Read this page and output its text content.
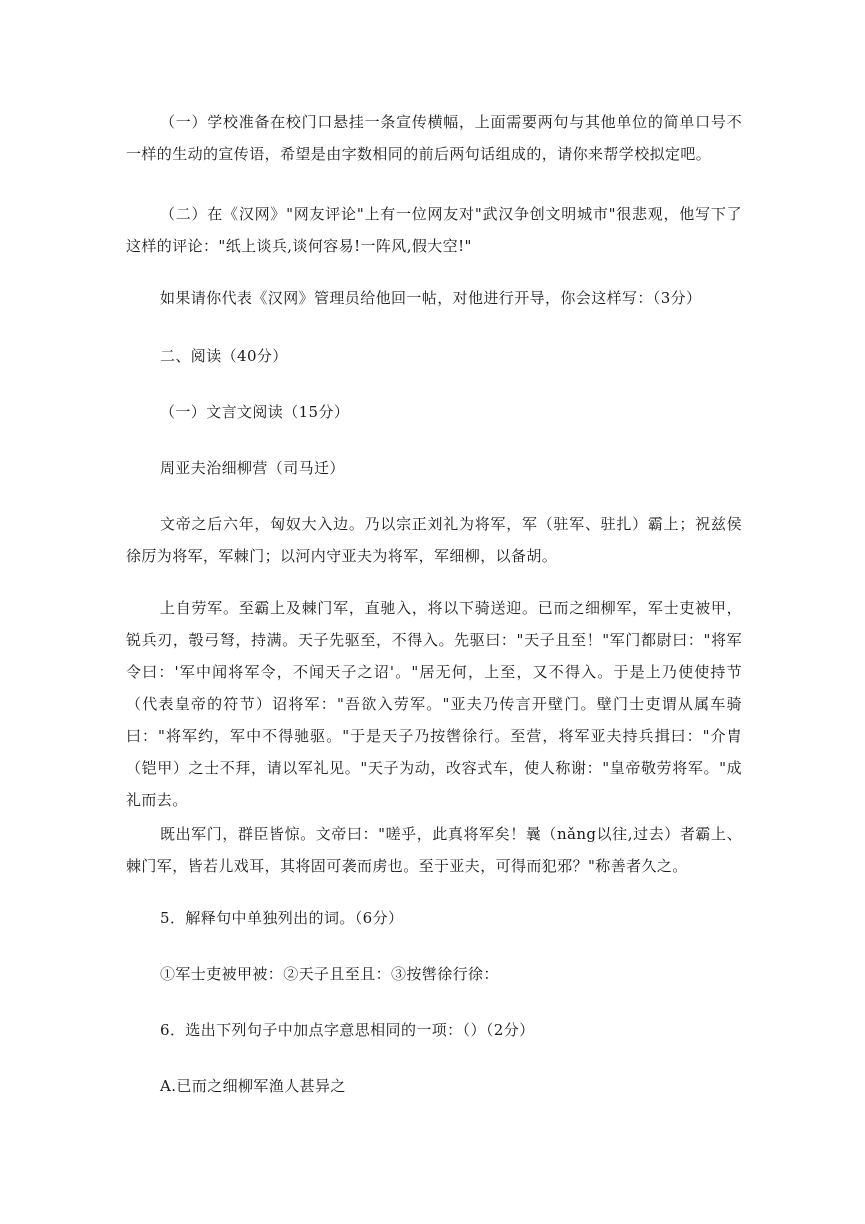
（一）学校准备在校门口悬挂一条宣传横幅，上面需要两句与其他单位的简单口号不一样的生动的宣传语，希望是由字数相同的前后两句话组成的，请你来帮学校拟定吧。

（二）在《汉网》"网友评论"上有一位网友对"武汉争创文明城市"很悲观，他写下了这样的评论："纸上谈兵,谈何容易!一阵风,假大空!"

如果请你代表《汉网》管理员给他回一帖，对他进行开导，你会这样写：（3分）

二、阅读（40分）

（一）文言文阅读（15分）

周亚夫治细柳营（司马迁）

文帝之后六年，匈奴大入边。乃以宗正刘礼为将军，军（驻军、驻扎）霸上；祝兹侯徐厉为将军，军棘门；以河内守亚夫为将军，军细柳，以备胡。

上自劳军。至霸上及棘门军，直驰入，将以下骑送迎。已而之细柳军，军士吏被甲，锐兵刃，彀弓弩，持满。天子先驱至，不得入。先驱曰："天子且至！"军门都尉曰："将军令曰：'军中闻将军令，不闻天子之诏'。"居无何，上至，又不得入。于是上乃使使持节（代表皇帝的符节）诏将军："吾欲入劳军。"亚夫乃传言开壁门。壁门士吏谓从属车骑曰："将军约，军中不得驰驱。"于是天子乃按辔徐行。至营，将军亚夫持兵揖曰："介胄（铠甲）之士不拜，请以军礼见。"天子为动，改容式车，使人称谢："皇帝敬劳将军。"成礼而去。

既出军门，群臣皆惊。文帝曰："嗟乎，此真将军矣！曩（nǎng以往,过去）者霸上、棘门军，皆若儿戏耳，其将固可袭而虏也。至于亚夫，可得而犯邪？"称善者久之。

5．解释句中单独列出的词。（6分）

①军士吏被甲被：②天子且至且：③按辔徐行徐：

6．选出下列句子中加点字意思相同的一项：（）（2分）

A.已而之细柳军渔人甚异之
